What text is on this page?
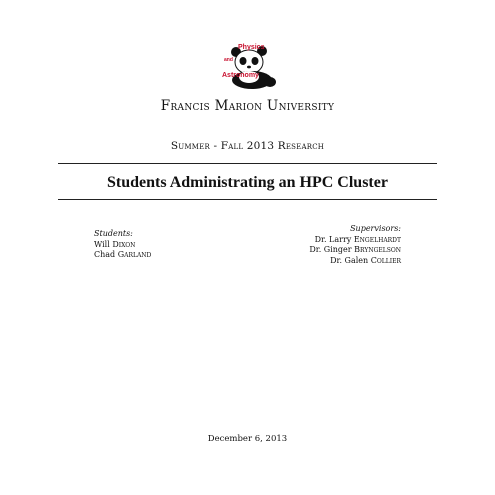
Physics
and
Astronomy
Francis Marion University
Summer - Fall 2013 Research
Students Administrating an HPC Cluster
Students:
Will Dixon
Chad Garland
Supervisors:
Dr. Larry Engelhardt
Dr. Ginger Bryngelson
Dr. Galen Collier
December 6, 2013
